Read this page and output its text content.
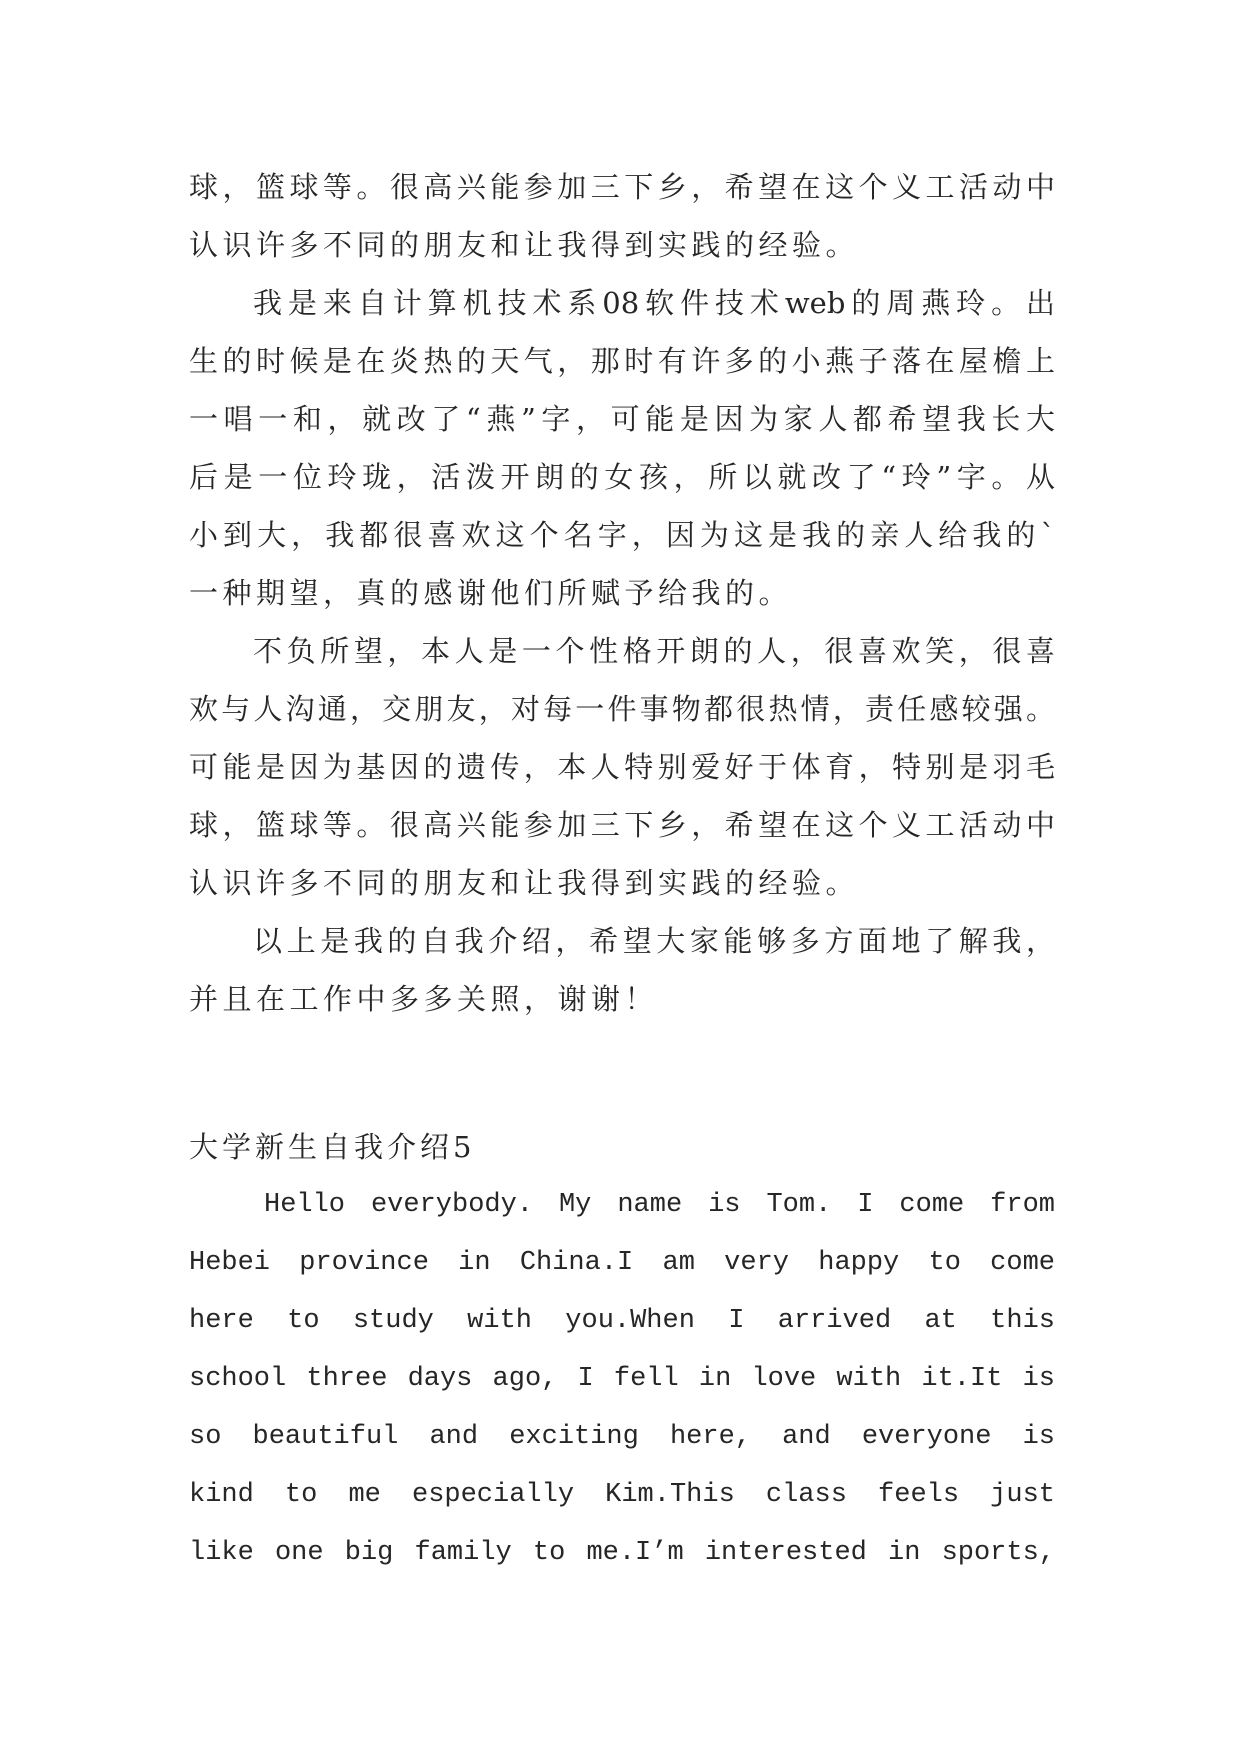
球，篮球等。很高兴能参加三下乡，希望在这个义工活动中
认识许多不同的朋友和让我得到实践的经验。
我是来自计算机技术系08软件技术web的周燕玲。出
生的时候是在炎热的天气，那时有许多的小燕子落在屋檐上
一唱一和，就改了“燕”字，可能是因为家人都希望我长大
后是一位玲珑，活泼开朗的女孩，所以就改了“玲”字。从
小到大，我都很喜欢这个名字，因为这是我的亲人给我的`
一种期望，真的感谢他们所赋予给我的。
不负所望，本人是一个性格开朗的人，很喜欢笑，很喜
欢与人沟通，交朋友，对每一件事物都很热情，责任感较强。
可能是因为基因的遗传，本人特别爱好于体育，特别是羽毛
球，篮球等。很高兴能参加三下乡，希望在这个义工活动中
认识许多不同的朋友和让我得到实践的经验。
以上是我的自我介绍，希望大家能够多方面地了解我，
并且在工作中多多关照，谢谢！
大学新生自我介绍5
Hello everybody. My name is Tom. I come from
Hebei province in China.I am very happy to come
here to study with you.When I arrived at this
school three days ago, I fell in love with it.It is
so beautiful and exciting here, and everyone is
kind to me especially Kim.This class feels just
like one big family to me.I’m interested in sports,
